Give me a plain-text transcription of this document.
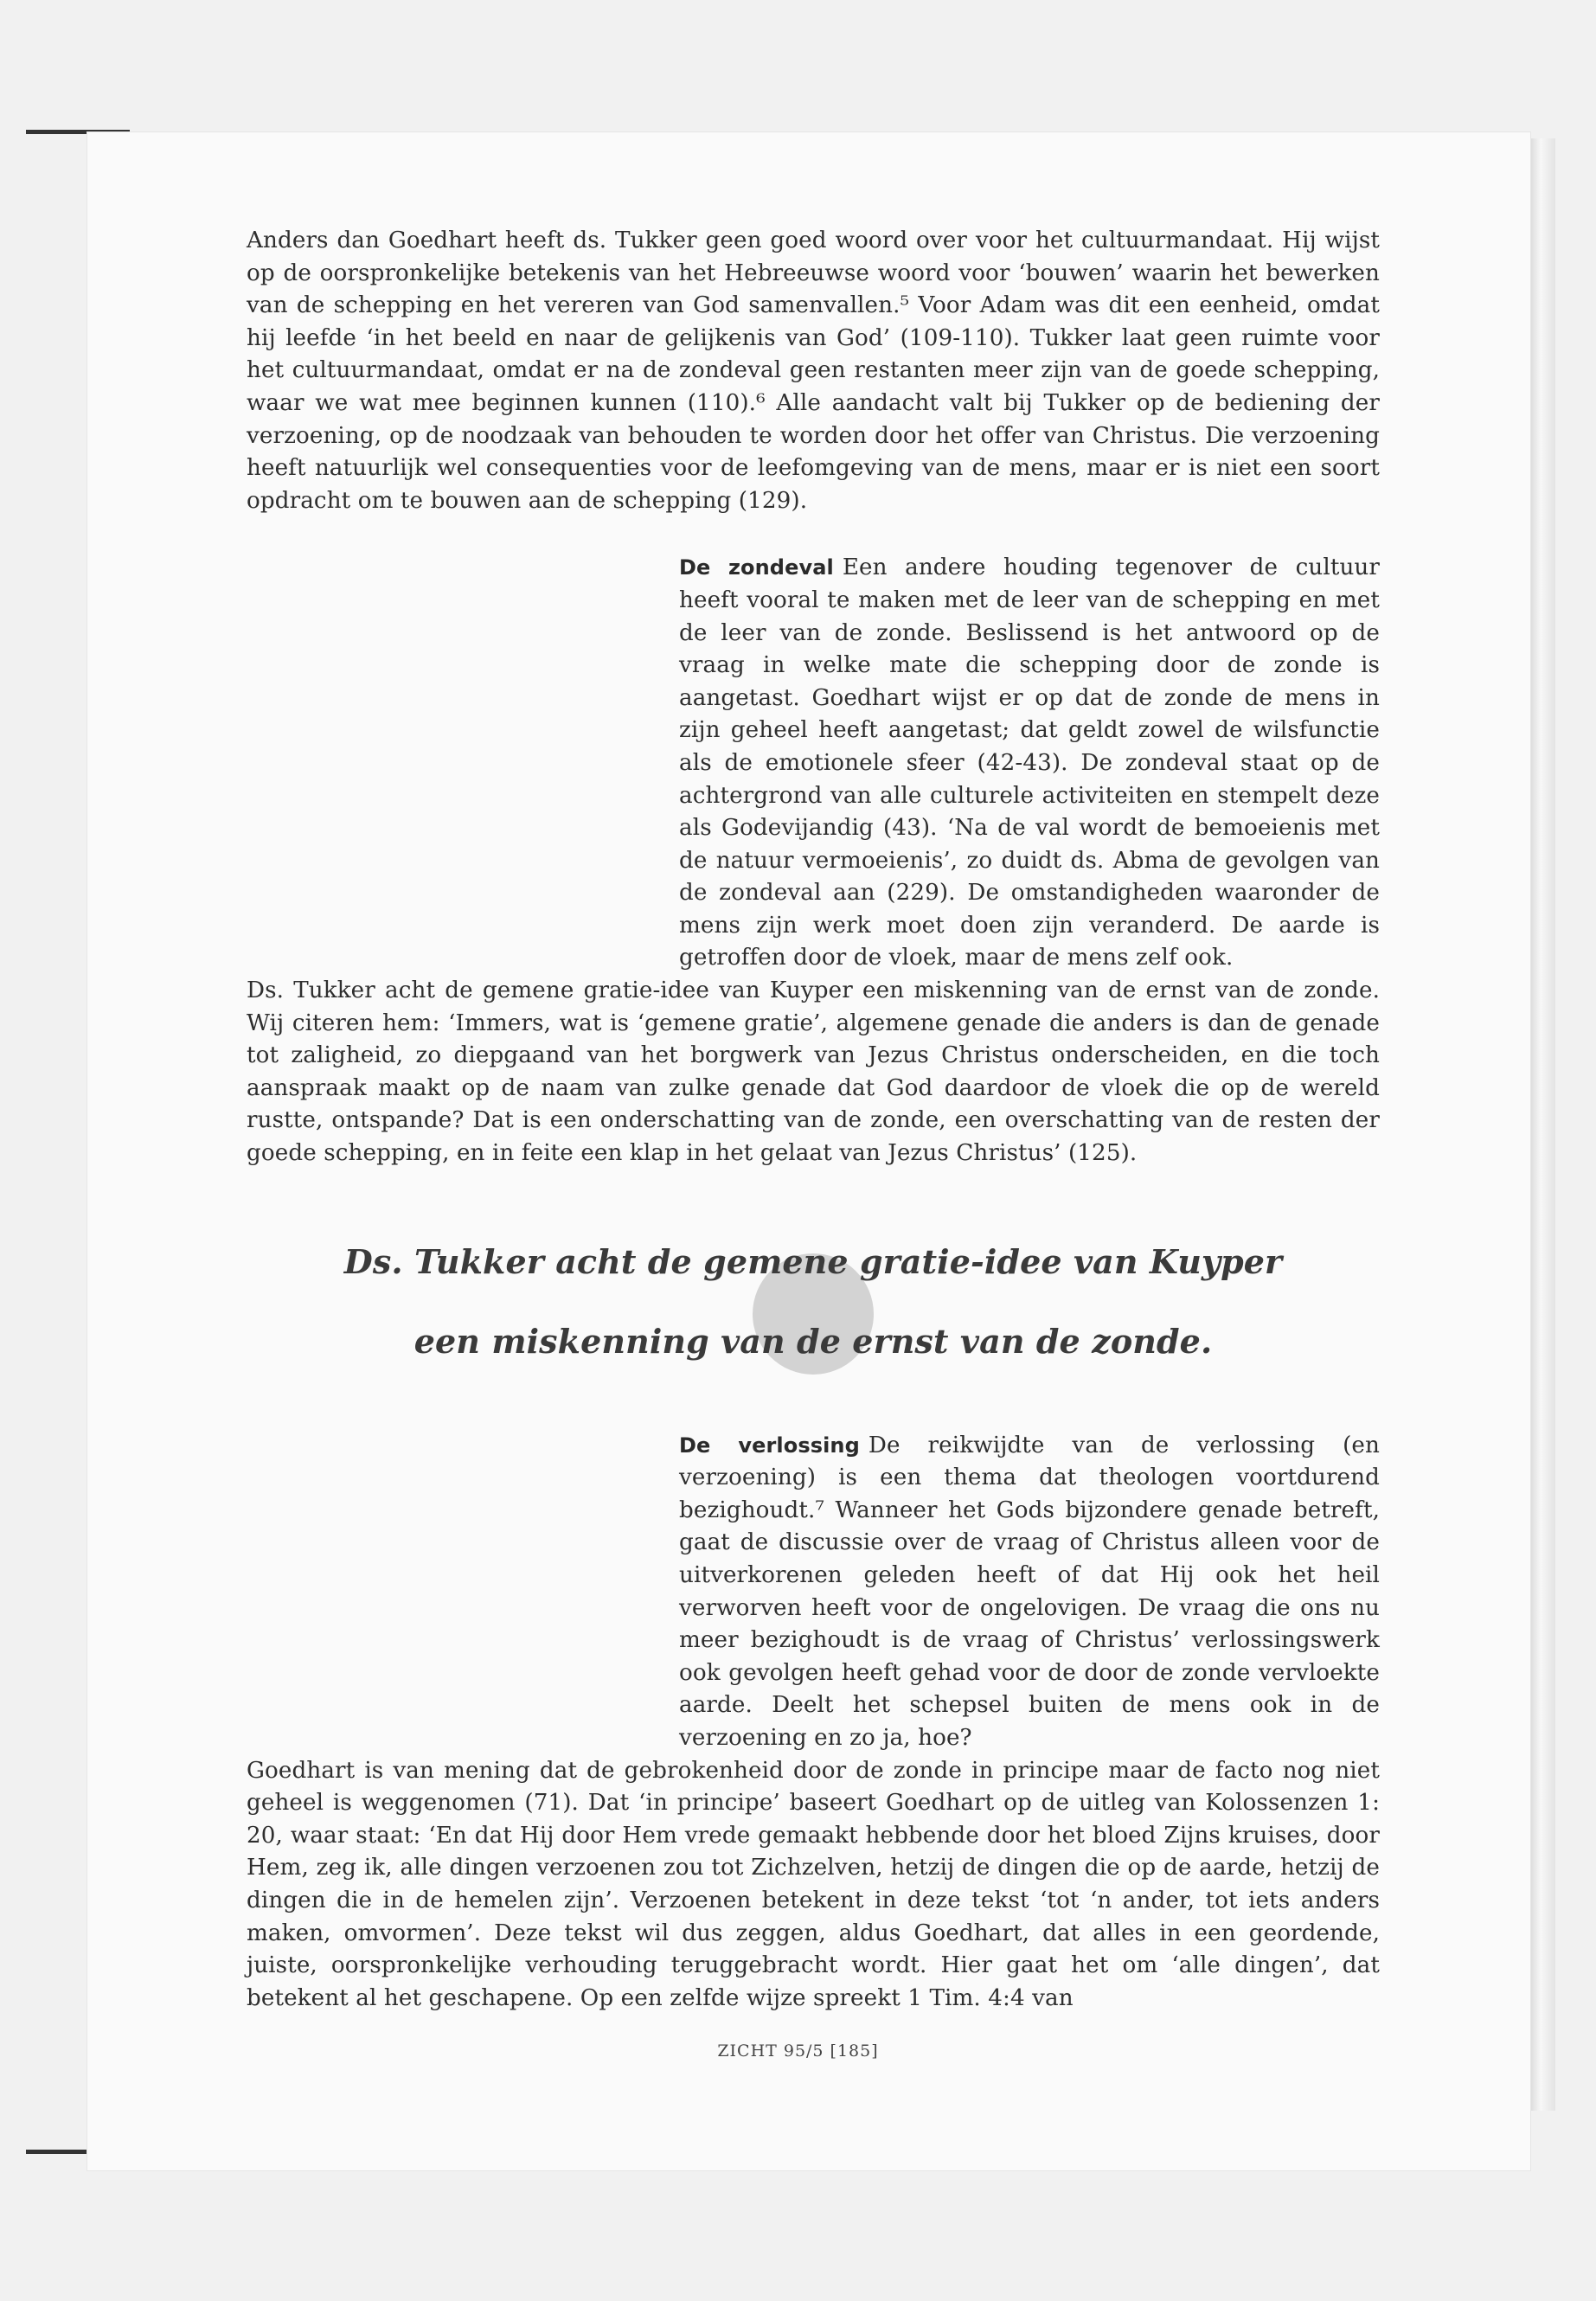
Anders dan Goedhart heeft ds. Tukker geen goed woord over voor het cultuurmandaat. Hij wijst op de oorspronkelijke betekenis van het Hebreeuwse woord voor ‘bouwen’ waarin het bewerken van de schepping en het vereren van God samenvallen.⁵ Voor Adam was dit een eenheid, omdat hij leefde ‘in het beeld en naar de gelijkenis van God’ (109-110). Tukker laat geen ruimte voor het cultuurmandaat, omdat er na de zondeval geen restanten meer zijn van de goede schepping, waar we wat mee beginnen kunnen (110).⁶ Alle aandacht valt bij Tukker op de bediening der verzoening, op de noodzaak van behouden te worden door het offer van Christus. Die verzoening heeft natuurlijk wel consequenties voor de leefomgeving van de mens, maar er is niet een soort opdracht om te bouwen aan de schepping (129).

De zondeval Een andere houding tegenover de cultuur heeft vooral te maken met de leer van de schepping en met de leer van de zonde. Beslissend is het antwoord op de vraag in welke mate die schepping door de zonde is aangetast. Goedhart wijst er op dat de zonde de mens in zijn geheel heeft aangetast; dat geldt zowel de wilsfunctie als de emotionele sfeer (42-43). De zondeval staat op de achtergrond van alle culturele activiteiten en stempelt deze als Godevijandig (43). ‘Na de val wordt de bemoeienis met de natuur vermoeienis’, zo duidt ds. Abma de gevolgen van de zondeval aan (229). De omstandigheden waaronder de mens zijn werk moet doen zijn veranderd. De aarde is getroffen door de vloek, maar de mens zelf ook.

Ds. Tukker acht de gemene gratie-idee van Kuyper een miskenning van de ernst van de zonde. Wij citeren hem: ‘Immers, wat is ‘gemene gratie’, algemene genade die anders is dan de genade tot zaligheid, zo diepgaand van het borgwerk van Jezus Christus onderscheiden, en die toch aanspraak maakt op de naam van zulke genade dat God daardoor de vloek die op de wereld rustte, ontspande? Dat is een onderschatting van de zonde, een overschatting van de resten der goede schepping, en in feite een klap in het gelaat van Jezus Christus’ (125).

Ds. Tukker acht de gemene gratie-idee van Kuyper
een miskenning van de ernst van de zonde.

De verlossing De reikwijdte van de verlossing (en verzoening) is een thema dat theologen voortdurend bezighoudt.⁷ Wanneer het Gods bijzondere genade betreft, gaat de discussie over de vraag of Christus alleen voor de uitverkorenen geleden heeft of dat Hij ook het heil verworven heeft voor de ongelovigen. De vraag die ons nu meer bezighoudt is de vraag of Christus’ verlossingswerk ook gevolgen heeft gehad voor de door de zonde vervloekte aarde. Deelt het schepsel buiten de mens ook in de verzoening en zo ja, hoe?

Goedhart is van mening dat de gebrokenheid door de zonde in principe maar de facto nog niet geheel is weggenomen (71). Dat ‘in principe’ baseert Goedhart op de uitleg van Kolossenzen 1: 20, waar staat: ‘En dat Hij door Hem vrede gemaakt hebbende door het bloed Zijns kruises, door Hem, zeg ik, alle dingen verzoenen zou tot Zichzelven, hetzij de dingen die op de aarde, hetzij de dingen die in de hemelen zijn’. Verzoenen betekent in deze tekst ‘tot ‘n ander, tot iets anders maken, omvormen’. Deze tekst wil dus zeggen, aldus Goedhart, dat alles in een geordende, juiste, oorspronkelijke verhouding teruggebracht wordt. Hier gaat het om ‘alle dingen’, dat betekent al het geschapene. Op een zelfde wijze spreekt 1 Tim. 4:4 van

ZICHT 95/5 [185]
